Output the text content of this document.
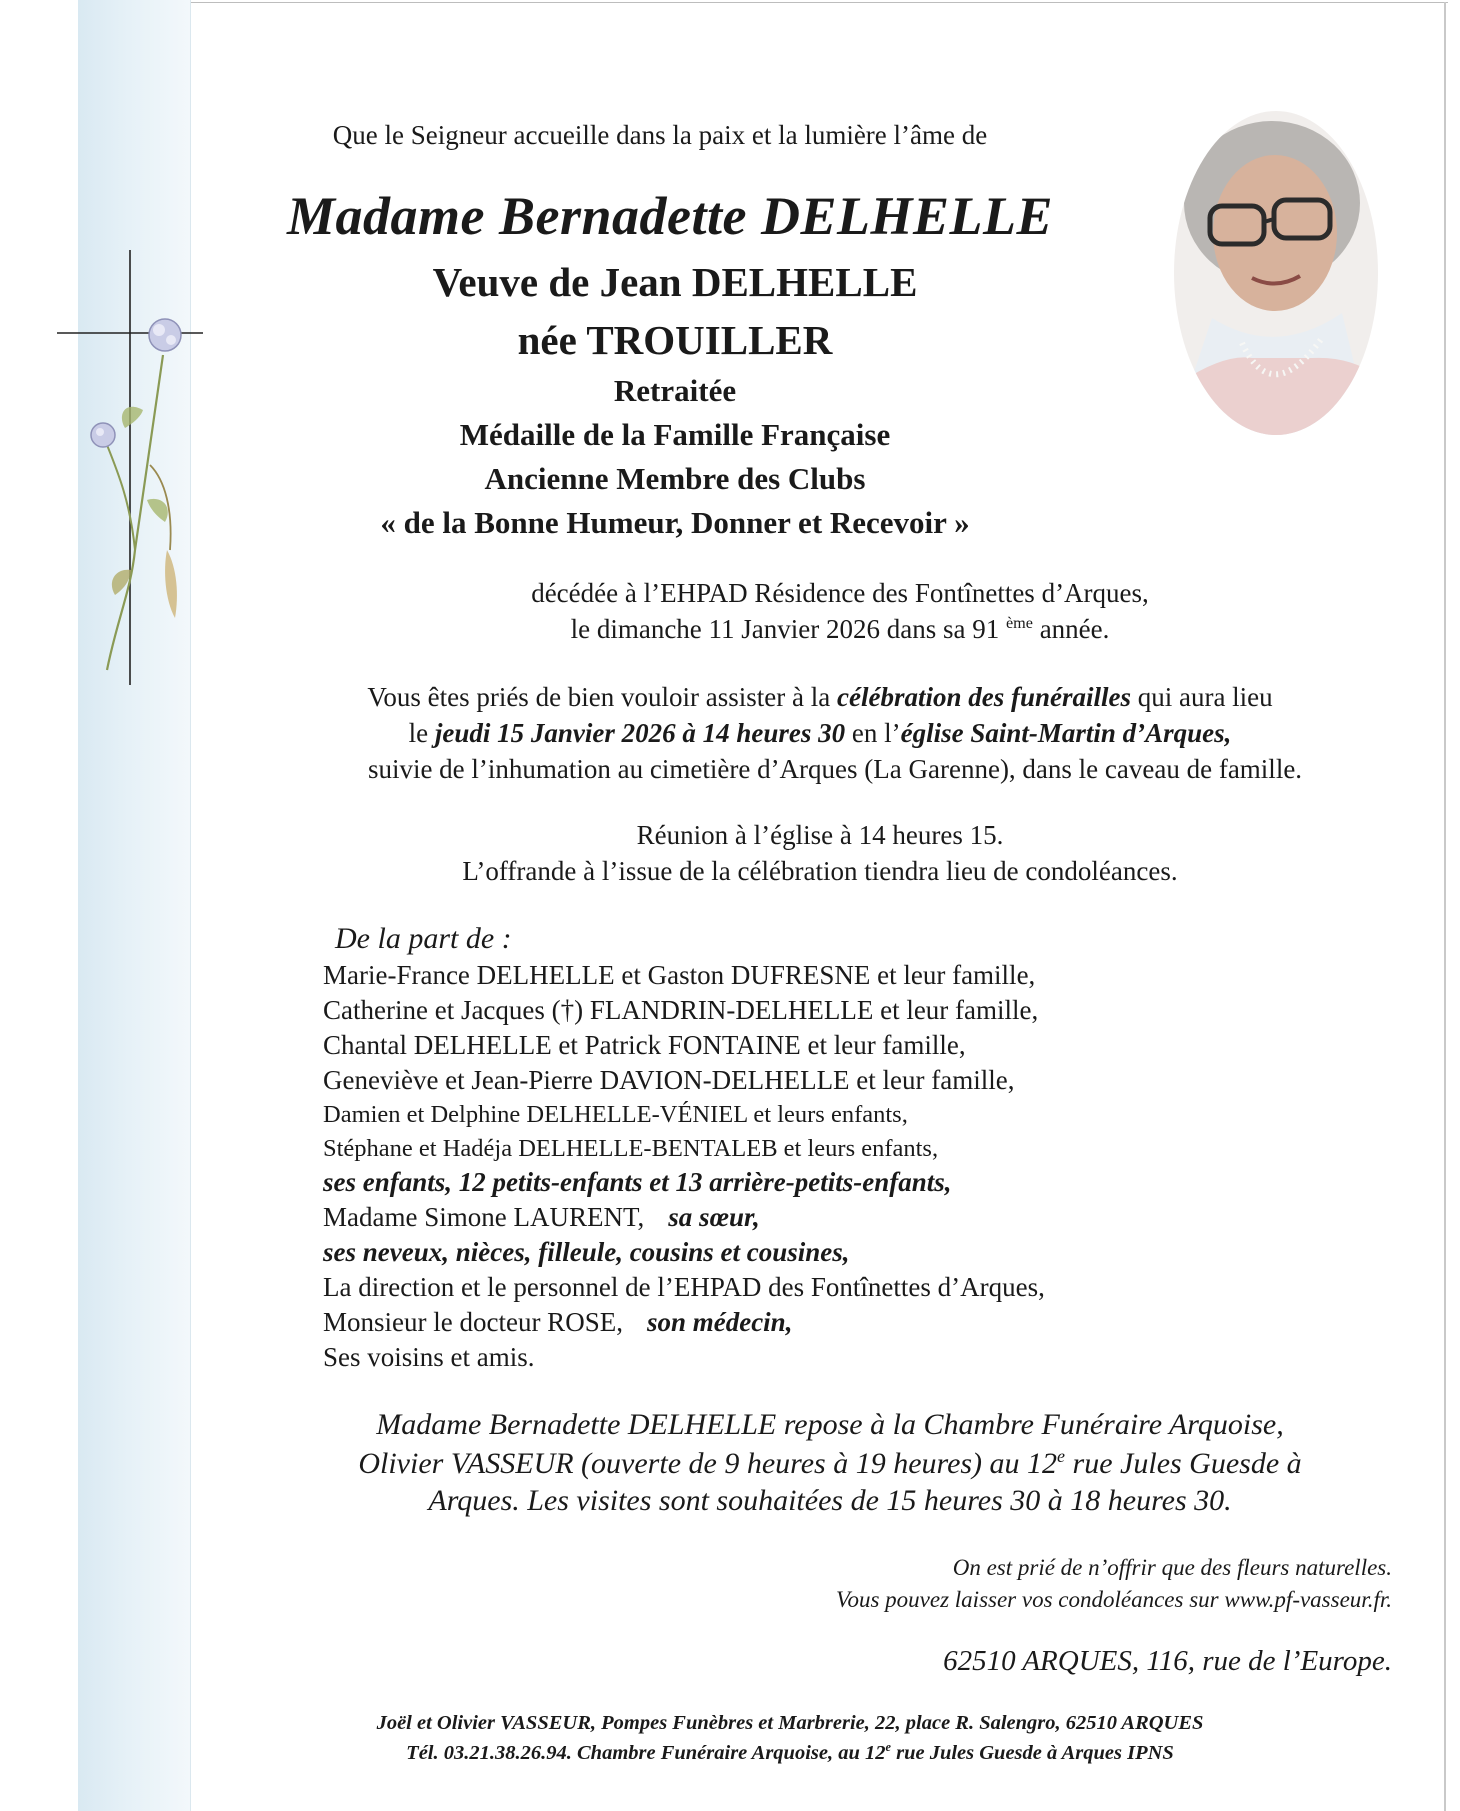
Que le Seigneur accueille dans la paix et la lumière l’âme de

Madame Bernadette DELHELLE

Veuve de Jean DELHELLE

née TROUILLER

Retraitée

Médaille de la Famille Française

Ancienne Membre des Clubs

« de la Bonne Humeur, Donner et Recevoir »

décédée à l’EHPAD Résidence des Fontînettes d’Arques,

le dimanche 11 Janvier 2026 dans sa 91 $^{ème}$ année.

Vous êtes priés de bien vouloir assister à la célébration des funérailles qui aura lieu

le jeudi 15 Janvier 2026 à 14 heures 30 en l’église Saint-Martin d’Arques,

suivie de l’inhumation au cimetière d’Arques (La Garenne), dans le caveau de famille.

Réunion à l’église à 14 heures 15.

L’offrande à l’issue de la célébration tiendra lieu de condoléances.

De la part de :

Marie-France DELHELLE et Gaston DUFRESNE et leur famille,

Catherine et Jacques (†) FLANDRIN-DELHELLE et leur famille,

Chantal DELHELLE et Patrick FONTAINE et leur famille,

Geneviève et Jean-Pierre DAVION-DELHELLE et leur famille,

Damien et Delphine DELHELLE-VÉNIEL et leurs enfants,

Stéphane et Hadéja DELHELLE-BENTALEB et leurs enfants,

ses enfants, 12 petits-enfants et 13 arrière-petits-enfants,

Madame Simone LAURENT, sa sœur,

ses neveux, nièces, filleule, cousins et cousines,

La direction et le personnel de l’EHPAD des Fontînettes d’Arques,

Monsieur le docteur ROSE, son médecin,

Ses voisins et amis.

Madame Bernadette DELHELLE repose à la Chambre Funéraire Arquoise,

Olivier VASSEUR (ouverte de 9 heures à 19 heures) au 12e rue Jules Guesde à

Arques. Les visites sont souhaitées de 15 heures 30 à 18 heures 30.

On est prié de n’offrir que des fleurs naturelles.

Vous pouvez laisser vos condoléances sur www.pf-vasseur.fr.

62510 ARQUES, 116, rue de l’Europe.

Joël et Olivier VASSEUR, Pompes Funèbres et Marbrerie, 22, place R. Salengro, 62510 ARQUES

Tél. 03.21.38.26.94. Chambre Funéraire Arquoise, au 12e rue Jules Guesde à Arques IPNS
